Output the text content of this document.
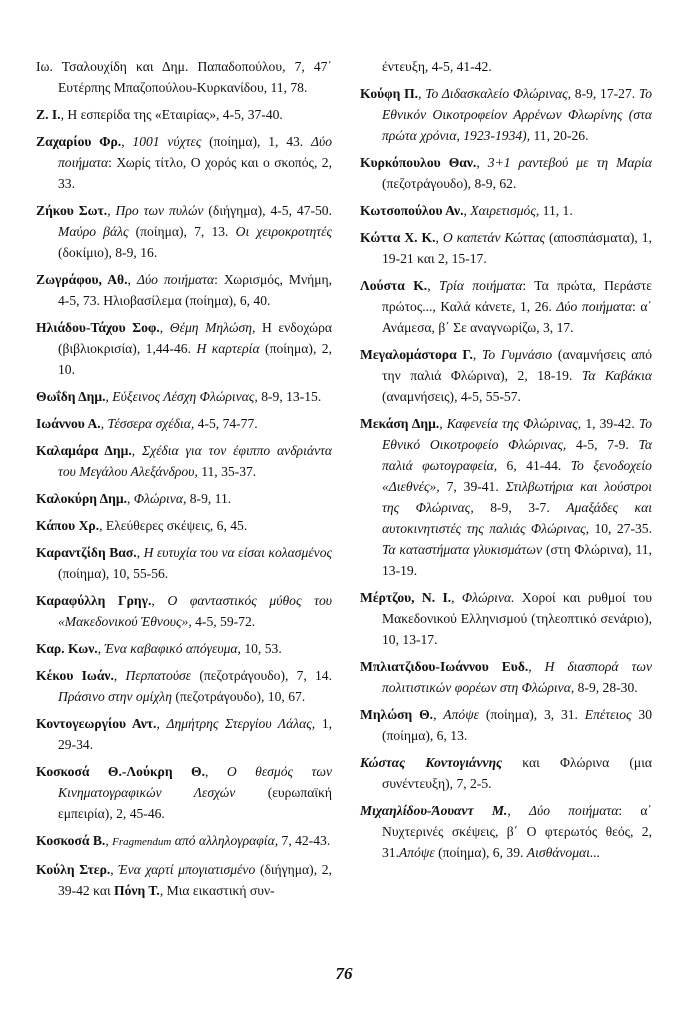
Ιω. Τσαλουχίδη και Δημ. Παπαδοπούλου, 7, 47΄ Ευτέρπης Μπαζοπούλου-Κυρκανίδου, 11, 78.

Ζ. Ι., Η εσπερίδα της «Εταιρίας», 4-5, 37-40.

Ζαχαρίου Φρ., 1001 νύχτες (ποίημα), 1, 43. Δύο ποιήματα: Χωρίς τίτλο, Ο χορός και ο σκοπός, 2, 33.

Ζήκου Σωτ., Προ των πυλών (διήγημα), 4-5, 47-50. Μαύρο βάλς (ποίημα), 7, 13. Οι χειροκροτητές (δοκίμιο), 8-9, 16.

Ζωγράφου, Αθ., Δύο ποιήματα: Χωρισμός, Μνήμη, 4-5, 73. Ηλιοβασίλεμα (ποίημα), 6, 40.

Ηλιάδου-Τάχου Σοφ., Θέμη Μηλώση, Η ενδοχώρα (βιβλιοκρισία), 1,44-46. Η καρτερία (ποίημα), 2, 10.

Θωΐδη Δημ., Εύξεινος Λέσχη Φλώρινας, 8-9, 13-15.

Ιωάννου Α., Τέσσερα σχέδια, 4-5, 74-77.

Καλαμάρα Δημ., Σχέδια για τον έφιππο ανδριάντα του Μεγάλου Αλεξάνδρου, 11, 35-37.

Καλοκύρη Δημ., Φλώρινα, 8-9, 11.

Κάπου Χρ., Ελεύθερες σκέψεις, 6, 45.

Καραντζίδη Βασ., Η ευτυχία του να είσαι κολασμένος (ποίημα), 10, 55-56.

Καραφύλλη Γρηγ., Ο φανταστικός μύθος του «Μακεδονικού Έθνους», 4-5, 59-72.

Καρ. Κων., Ένα καβαφικό απόγευμα, 10, 53.

Κέκου Ιωάν., Περπατούσε (πεζοτράγουδο), 7, 14. Πράσινο στην ομίχλη (πεζοτράγουδο), 10, 67.

Κοντογεωργίου Αντ., Δημήτρης Στεργίου Λάλας, 1, 29-34.

Κοσκοσά Θ.-Λούκρη Θ., Ο θεσμός των Κινηματογραφικών Λεσχών (ευρωπαϊκή εμπειρία), 2, 45-46.

Κοσκοσά Β., Fragmendum από αλληλογραφία, 7, 42-43.

Κούλη Στερ., Ένα χαρτί μπογιατισμένο (διήγημα), 2, 39-42 και Πόνη Τ., Μια εικαστική συν-

έντευξη, 4-5, 41-42.

Κούφη Π., Το Διδασκαλείο Φλώρινας, 8-9, 17-27. Το Εθνικόν Οικοτροφείον Αρρένων Φλωρίνης (στα πρώτα χρόνια, 1923-1934), 11, 20-26.

Κυρκόπουλου Θαν., 3+1 ραντεβού με τη Μαρία (πεζοτράγουδο), 8-9, 62.

Κωτσοπούλου Αν., Χαιρετισμός, 11, 1.

Κώττα Χ. Κ., Ο καπετάν Κώττας (αποσπάσματα), 1, 19-21 και 2, 15-17.

Λούστα Κ., Τρία ποιήματα: Τα πρώτα, Περάστε πρώτος..., Καλά κάνετε, 1, 26. Δύο ποιήματα: α΄ Ανάμεσα, β΄ Σε αναγνωρίζω, 3, 17.

Μεγαλομάστορα Γ., Το Γυμνάσιο (αναμνήσεις από την παλιά Φλώρινα), 2, 18-19. Τα Καβάκια (αναμνήσεις), 4-5, 55-57.

Μεκάση Δημ., Καφενεία της Φλώρινας, 1, 39-42. Το Εθνικό Οικοτροφείο Φλώρινας, 4-5, 7-9. Τα παλιά φωτογραφεία, 6, 41-44. Το ξενοδοχείο «Διεθνές», 7, 39-41. Στιλβωτήρια και λούστροι της Φλώρινας, 8-9, 3-7. Αμαξάδες και αυτοκινητιστές της παλιάς Φλώρινας, 10, 27-35. Τα καταστήματα γλυκισμάτων (στη Φλώρινα), 11, 13-19.

Μέρτζου, Ν. Ι., Φλώρινα. Χοροί και ρυθμοί του Μακεδονικού Ελληνισμού (τηλεοπτικό σενάριο), 10, 13-17.

Μπλιατζιδου-Ιωάννου Ευδ., Η διασπορά των πολιτιστικών φορέων στη Φλώρινα, 8-9, 28-30.

Μηλώση Θ., Απόψε (ποίημα), 3, 31. Επέτειος 30 (ποίημα), 6, 13.

Κώστας Κοντογιάννης και Φλώρινα (μια συνέντευξη), 7, 2-5.

Μιχαηλίδου-Άουαντ Μ., Δύο ποιήματα: α΄ Νυχτερινές σκέψεις, β΄ Ο φτερωτός θεός, 2, 31.Απόψε (ποίημα), 6, 39. Αισθάνομαι...

76
